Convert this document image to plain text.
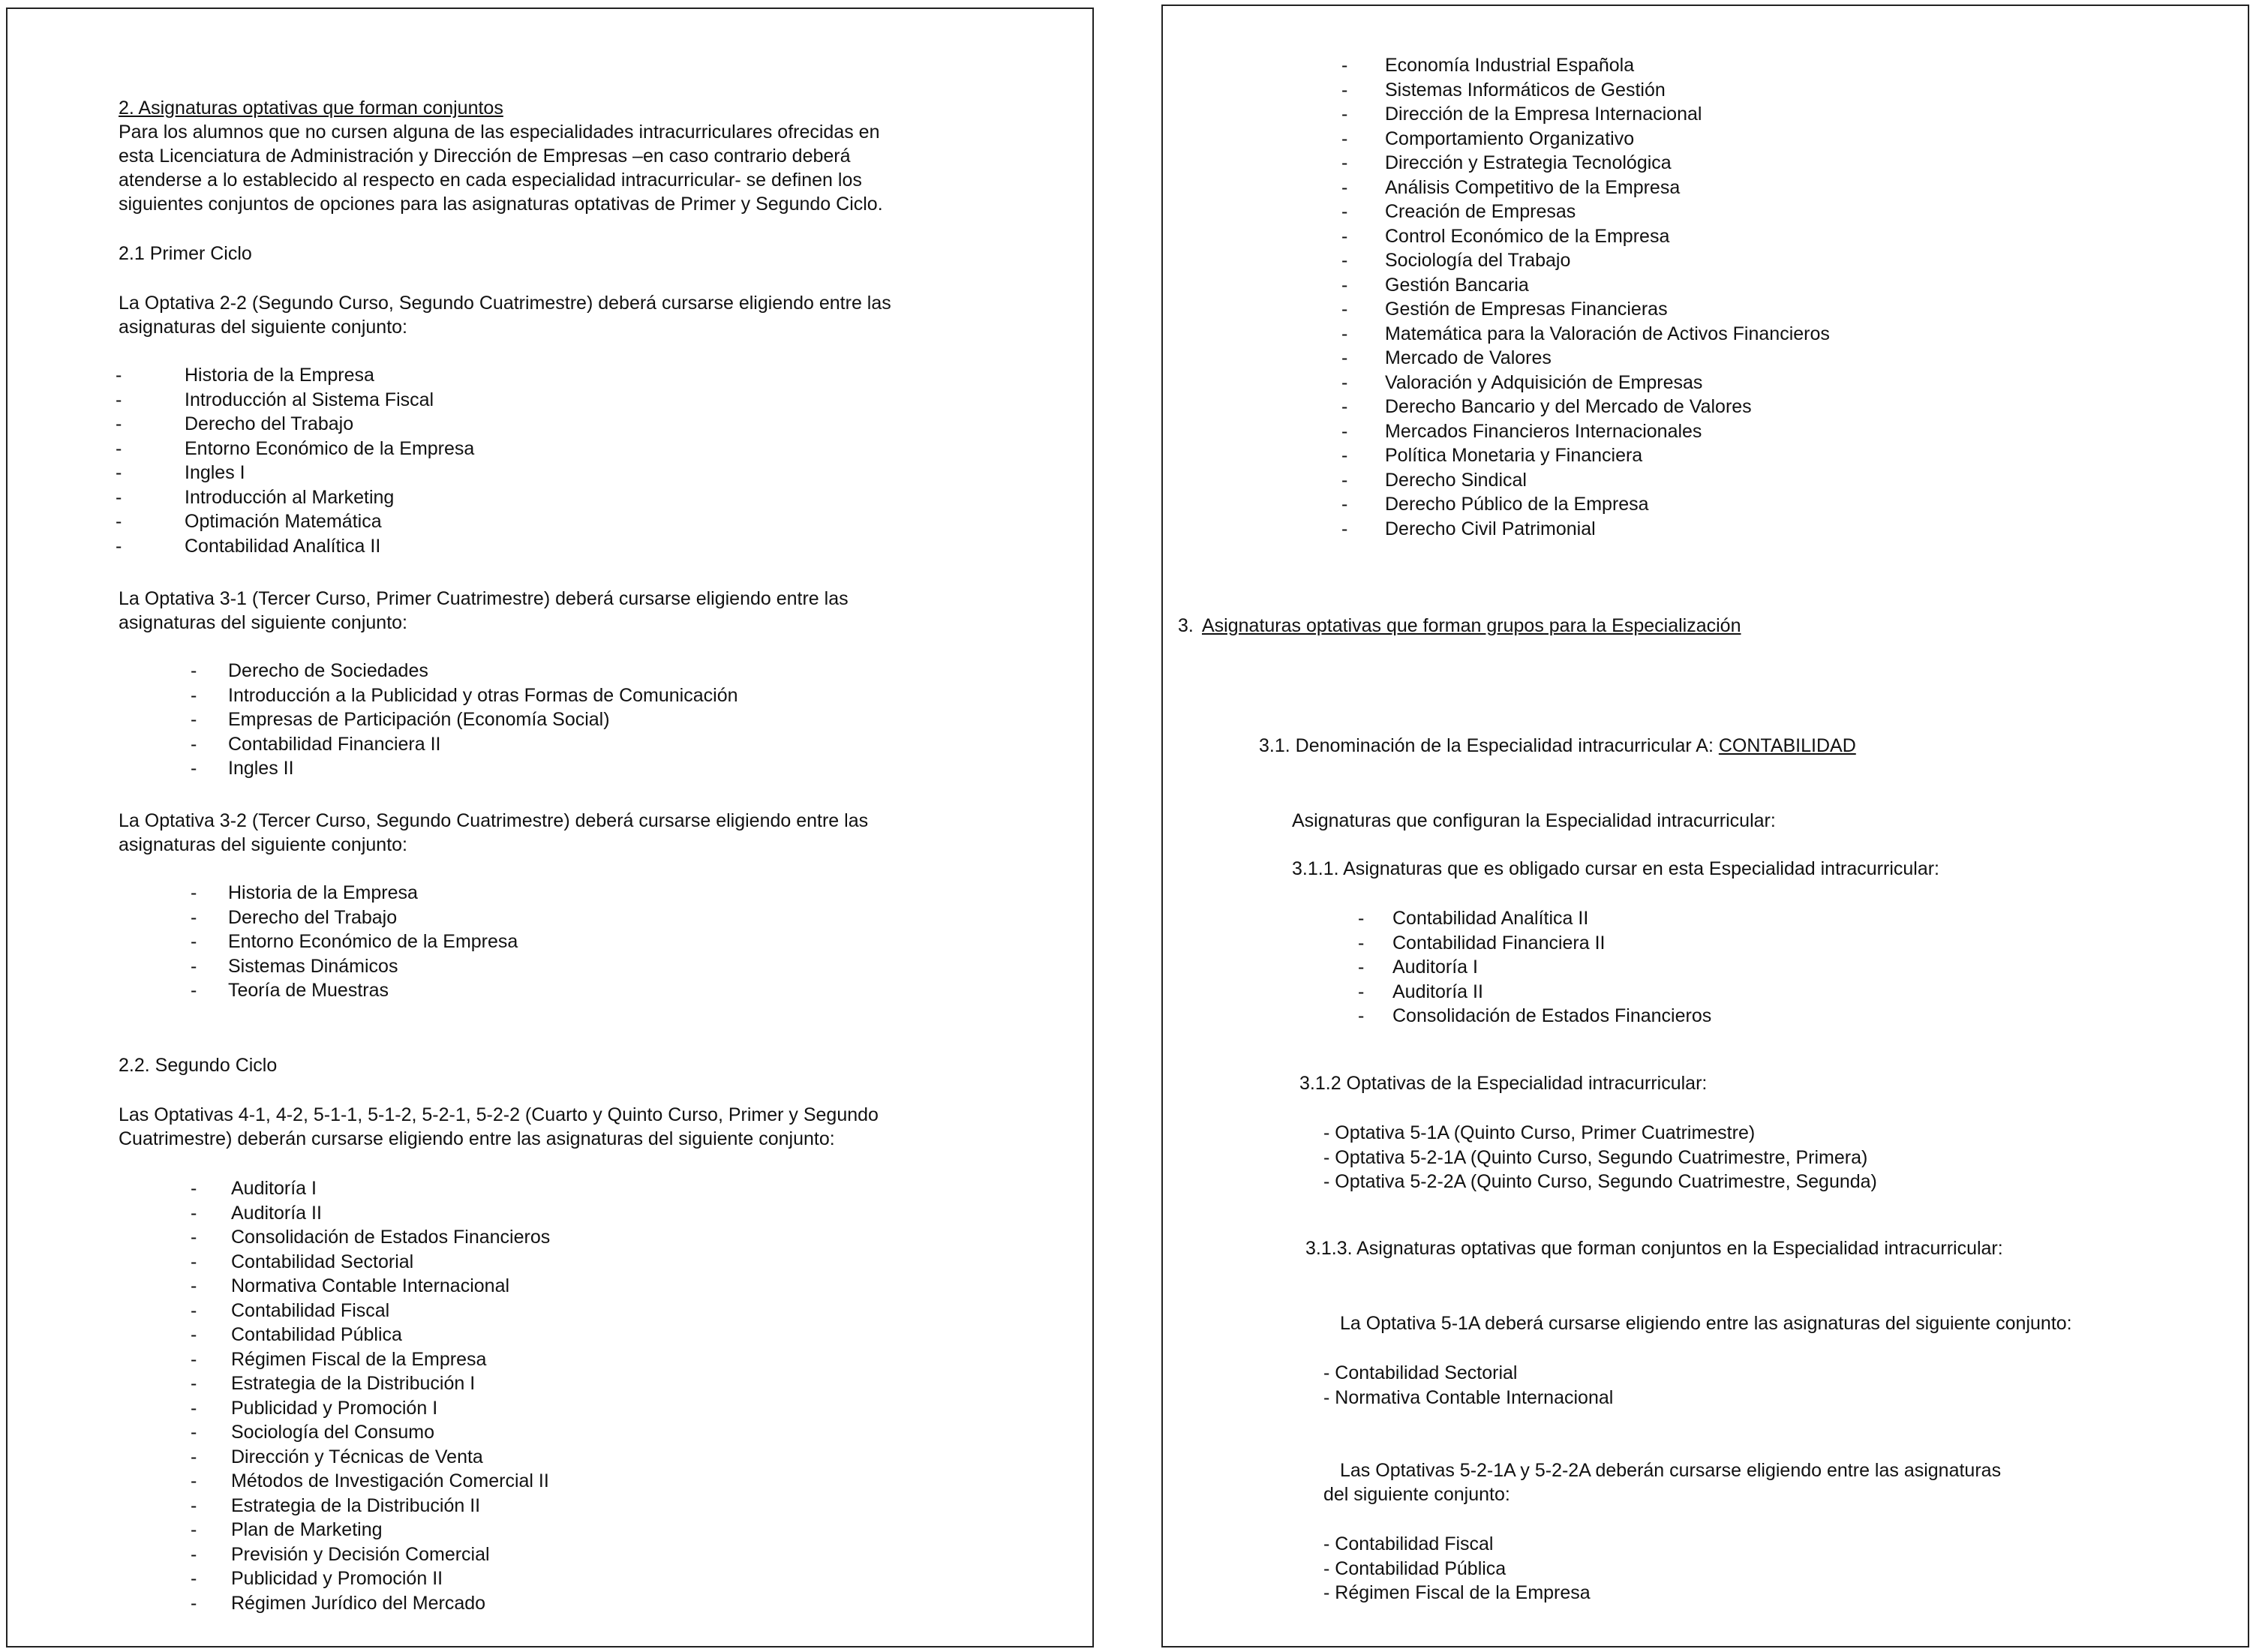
2. Asignaturas optativas que forman conjuntos
Para los alumnos que no cursen alguna de las especialidades intracurriculares ofrecidas en
esta Licenciatura de Administración y Dirección de Empresas –en caso contrario deberá
atenderse a lo establecido al respecto en cada especialidad intracurricular- se definen los
siguientes conjuntos de opciones para las asignaturas optativas de Primer y Segundo Ciclo.
2.1 Primer Ciclo
La Optativa 2-2 (Segundo Curso, Segundo Cuatrimestre) deberá cursarse eligiendo entre las
asignaturas del siguiente conjunto:
-	Historia de la Empresa
-	Introducción al Sistema Fiscal
-	Derecho del Trabajo
-	Entorno Económico de la Empresa
-	Ingles I
-	Introducción al Marketing
-	Optimación Matemática
-	Contabilidad Analítica II
La Optativa 3-1 (Tercer Curso, Primer Cuatrimestre) deberá cursarse eligiendo entre las
asignaturas del siguiente conjunto:
- Derecho de Sociedades
- Introducción a la Publicidad y otras Formas de Comunicación
- Empresas de Participación (Economía Social)
- Contabilidad Financiera II
- Ingles II
La Optativa 3-2 (Tercer Curso, Segundo Cuatrimestre) deberá cursarse eligiendo entre las
asignaturas del siguiente conjunto:
- Historia de la Empresa
- Derecho del Trabajo
- Entorno Económico de la Empresa
- Sistemas Dinámicos
- Teoría de Muestras
2.2. Segundo Ciclo
Las Optativas 4-1, 4-2, 5-1-1, 5-1-2, 5-2-1, 5-2-2 (Cuarto y Quinto Curso, Primer y Segundo
Cuatrimestre) deberán cursarse eligiendo entre las asignaturas del siguiente conjunto:
- Auditoría I
- Auditoría II
- Consolidación de Estados Financieros
- Contabilidad Sectorial
- Normativa Contable Internacional
- Contabilidad Fiscal
- Contabilidad Pública
- Régimen Fiscal de la Empresa
- Estrategia de la Distribución I
- Publicidad y Promoción I
- Sociología del Consumo
- Dirección y Técnicas de Venta
- Métodos de Investigación Comercial II
- Estrategia de la Distribución II
- Plan de Marketing
- Previsión y Decisión Comercial
- Publicidad y Promoción II
- Régimen Jurídico del Mercado
- Economía Industrial Española
- Sistemas Informáticos de Gestión
- Dirección de la Empresa Internacional
- Comportamiento Organizativo
- Dirección y Estrategia Tecnológica
- Análisis Competitivo de la Empresa
- Creación de Empresas
- Control Económico de la Empresa
- Sociología del Trabajo
- Gestión Bancaria
- Gestión de Empresas Financieras
- Matemática para la Valoración de Activos Financieros
- Mercado de Valores
- Valoración y Adquisición de Empresas
- Derecho Bancario y del Mercado de Valores
- Mercados Financieros Internacionales
- Política Monetaria y Financiera
- Derecho Sindical
- Derecho Público de la Empresa
- Derecho Civil Patrimonial
3. Asignaturas optativas que forman grupos para la Especialización
3.1. Denominación de la Especialidad intracurricular A: CONTABILIDAD
Asignaturas que configuran la Especialidad intracurricular:
3.1.1. Asignaturas que es obligado cursar en esta Especialidad intracurricular:
- Contabilidad Analítica II
- Contabilidad Financiera II
- Auditoría I
- Auditoría II
- Consolidación de Estados Financieros
3.1.2 Optativas de la Especialidad intracurricular:
- Optativa 5-1A (Quinto Curso, Primer Cuatrimestre)
- Optativa 5-2-1A (Quinto Curso, Segundo Cuatrimestre, Primera)
- Optativa 5-2-2A (Quinto Curso, Segundo Cuatrimestre, Segunda)
3.1.3. Asignaturas optativas que forman conjuntos en la Especialidad intracurricular:
La Optativa 5-1A deberá cursarse eligiendo entre las asignaturas del siguiente conjunto:
- Contabilidad Sectorial
- Normativa Contable Internacional
Las Optativas 5-2-1A y 5-2-2A deberán cursarse eligiendo entre las asignaturas
del siguiente conjunto:
- Contabilidad Fiscal
- Contabilidad Pública
- Régimen Fiscal de la Empresa
